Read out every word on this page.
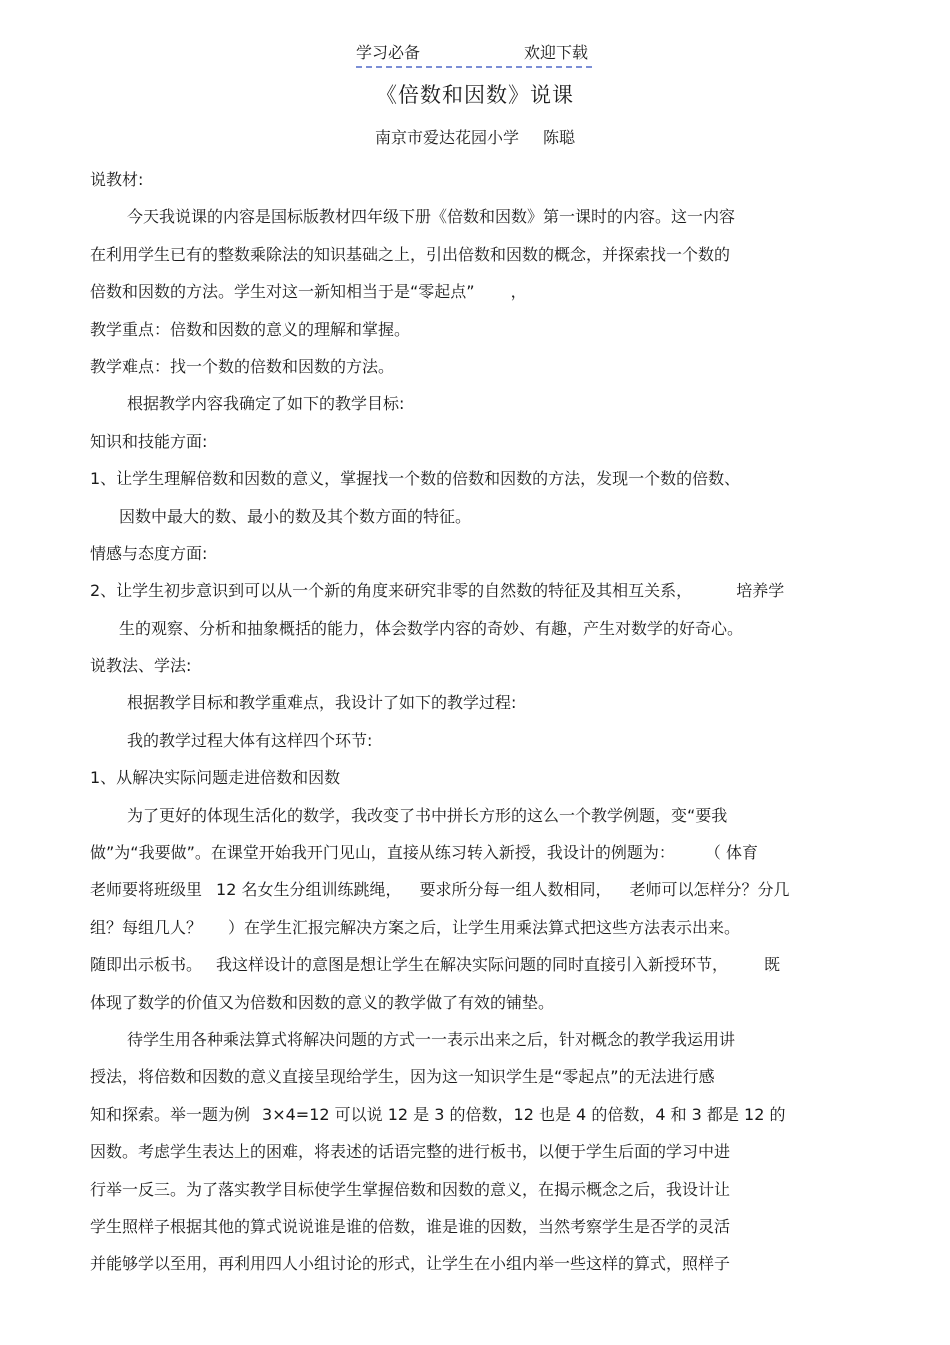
学习必备	欢迎下载
《倍数和因数》说课
南京市爱达花园小学 陈聪
说教材:
今天我说课的内容是国标版教材四年级下册《倍数和因数》第一课时的内容。这一内容
在利用学生已有的整数乘除法的知识基础之上，引出倍数和因数的概念，并探索找一个数的
倍数和因数的方法。学生对这一新知相当于是“零起点” ，
教学重点：倍数和因数的意义的理解和掌握。
教学难点：找一个数的倍数和因数的方法。
根据教学内容我确定了如下的教学目标:
知识和技能方面:
1、让学生理解倍数和因数的意义，掌握找一个数的倍数和因数的方法，发现一个数的倍数、
因数中最大的数、最小的数及其个数方面的特征。
情感与态度方面:
2、让学生初步意识到可以从一个新的角度来研究非零的自然数的特征及其相互关系，	培养学
生的观察、分析和抽象概括的能力，体会数学内容的奇妙、有趣，产生对数学的好奇心。
说教法、学法:
根据教学目标和教学重难点，我设计了如下的教学过程:
我的教学过程大体有这样四个环节:
1、从解决实际问题走进倍数和因数
为了更好的体现生活化的数学，我改变了书中拼长方形的这么一个教学例题，变“要我
做”为“我要做”。在课堂开始我开门见山，直接从练习转入新授，我设计的例题为： （ 体育
老师要将班级里 12 名女生分组训练跳绳， 要求所分每一组人数相同， 老师可以怎样分？分几
组？每组几人？ ）在学生汇报完解决方案之后，让学生用乘法算式把这些方法表示出来。
随即出示板书。 我这样设计的意图是想让学生在解决实际问题的同时直接引入新授环节， 既
体现了数学的价值又为倍数和因数的意义的教学做了有效的铺垫。
待学生用各种乘法算式将解决问题的方式一一表示出来之后，针对概念的教学我运用讲
授法，将倍数和因数的意义直接呈现给学生，因为这一知识学生是“零起点”的无法进行感
知和探索。举一题为例 3×4=12 可以说 12 是 3 的倍数，12 也是 4 的倍数，4 和 3 都是 12 的
因数。考虑学生表达上的困难，将表述的话语完整的进行板书，以便于学生后面的学习中进
行举一反三。为了落实教学目标使学生掌握倍数和因数的意义，在揭示概念之后，我设计让
学生照样子根据其他的算式说说谁是谁的倍数，谁是谁的因数，当然考察学生是否学的灵活
并能够学以至用，再利用四人小组讨论的形式，让学生在小组内举一些这样的算式，照样子
